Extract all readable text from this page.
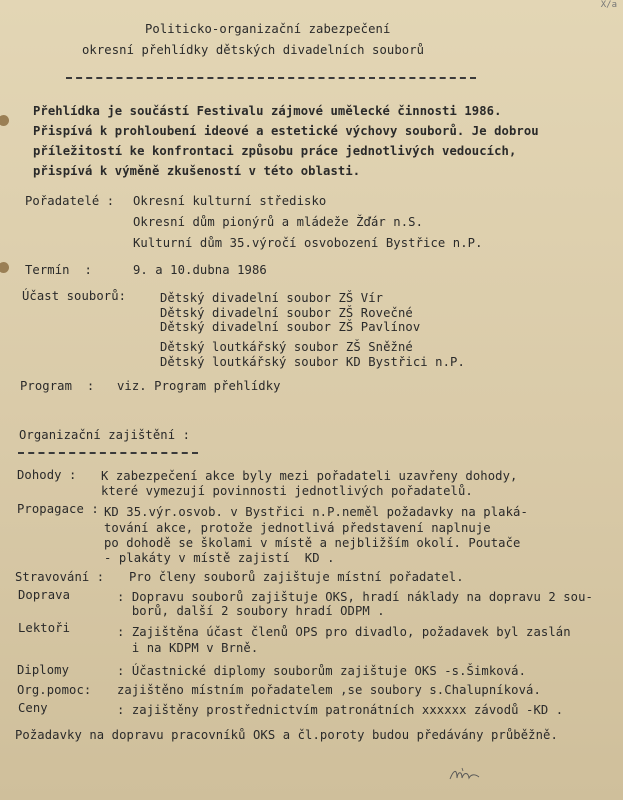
X/a
Politicko-organizační zabezpečení
okresní přehlídky dětských divadelních souborů
Přehlídka je součástí Festivalu zájmové umělecké činnosti 1986.
Přispívá k prohloubení ideové a estetické výchovy souborů. Je dobrou
příležitostí ke konfrontaci způsobu práce jednotlivých vedoucích,
přispívá k výměně zkušeností v této oblasti.
Pořadatelé : Okresní kulturní středisko
Okresní dům pionýrů a mládeže Žďár n.S.
Kulturní dům 35.výročí osvobození Bystřice n.P.
Termín  :	9. a 10.dubna 1986
Účast souborů:	Dětský divadelní soubor ZŠ Vír
Dětský divadelní soubor ZŠ Rovečné
Dětský divadelní soubor ZŠ Pavlínov
Dětský loutkářský soubor ZŠ Sněžné
Dětský loutkářský soubor KD Bystřici n.P.
Program  : viz. Program přehlídky
Organizační zajištění :
Dohody : K zabezpečení akce byly mezi pořadateli uzavřeny dohody,
které vymezují povinnosti jednotlivých pořadatelů.
Propagace : KD 35.výr.osvob. v Bystřici n.P.neměl požadavky na plaká-
tování akce, protože jednotlivá představení naplnuje
po dohodě se školami v místě a nejbližším okolí. Poutače
- plakáty v místě zajistí  KD .
Stravování : Pro členy souborů zajištuje místní pořadatel.
Doprava	: Dopravu souborů zajištuje OKS, hradí náklady na dopravu 2 sou-
borů, další 2 soubory hradí ODPM .
Lektoři	: Zajištěna účast členů OPS pro divadlo, požadavek byl zaslán
i na KDPM v Brně.
Diplomy	: Účastnické diplomy souborům zajištuje OKS -s.Šimková.
Org.pomoc: zajištěno místním pořadatelem ,se soubory s.Chalupníková.
Ceny	: zajištěny prostřednictvím patronátních xxxxxx závodů -KD .
Požadavky na dopravu pracovníků OKS a čl.poroty budou předávány průběžně.
